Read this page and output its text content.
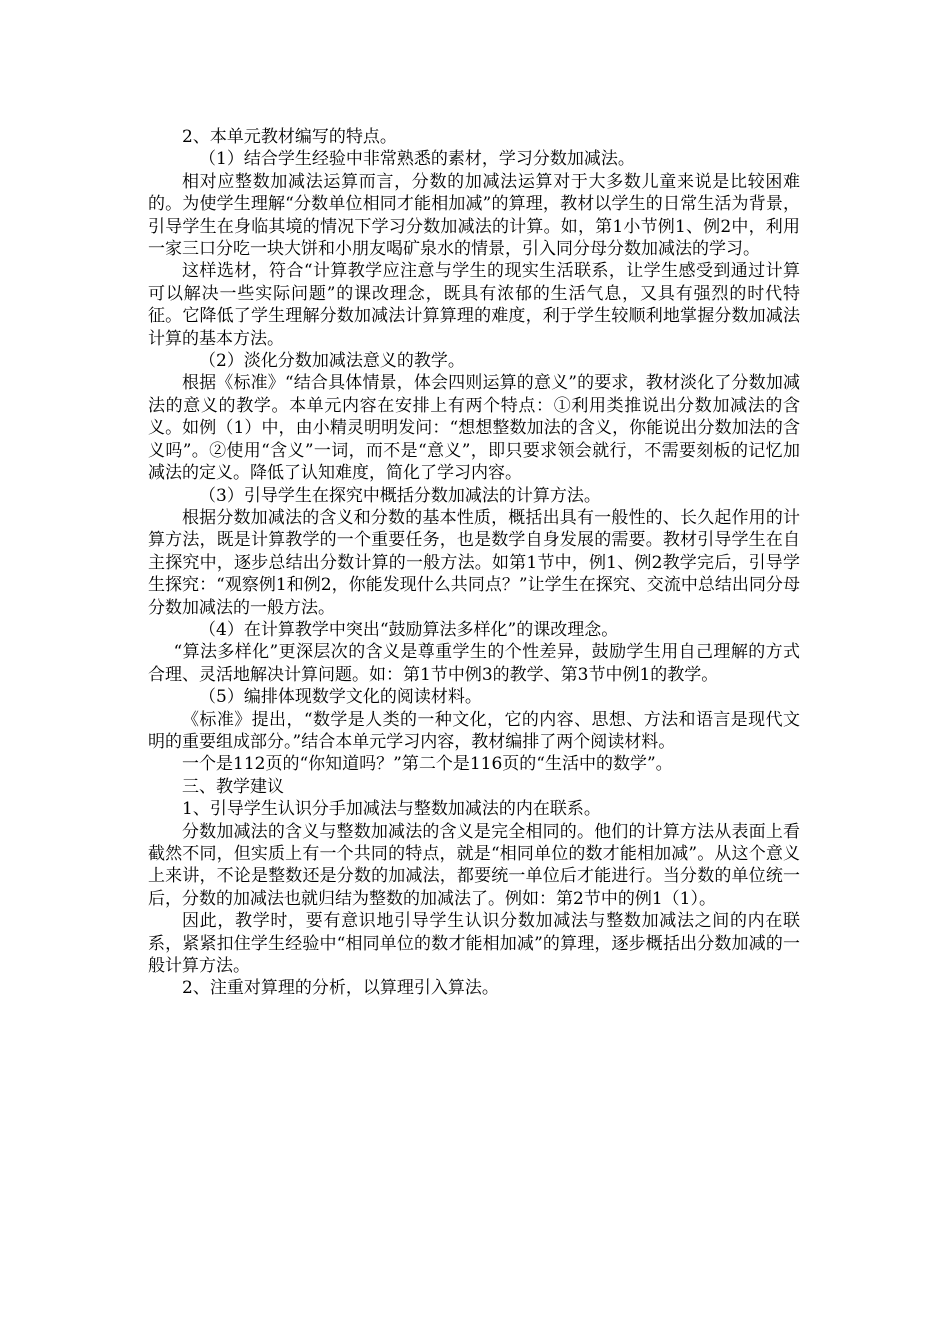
2、本单元教材编写的特点。

（1）结合学生经验中非常熟悉的素材，学习分数加减法。

相对应整数加减法运算而言，分数的加减法运算对于大多数儿童来说是比较困难的。为使学生理解“分数单位相同才能相加减”的算理，教材以学生的日常生活为背景，引导学生在身临其境的情况下学习分数加减法的计算。如，第1小节例1、例2中，利用一家三口分吃一块大饼和小朋友喝矿泉水的情景，引入同分母分数加减法的学习。

这样选材，符合“计算教学应注意与学生的现实生活联系，让学生感受到通过计算可以解决一些实际问题”的课改理念，既具有浓郁的生活气息，又具有强烈的时代特征。它降低了学生理解分数加减法计算算理的难度，利于学生较顺利地掌握分数加减法计算的基本方法。

（2）淡化分数加减法意义的教学。

根据《标准》“结合具体情景，体会四则运算的意义”的要求，教材淡化了分数加减法的意义的教学。本单元内容在安排上有两个特点：①利用类推说出分数加减法的含义。如例（1）中，由小精灵明明发问：“想想整数加法的含义，你能说出分数加法的含义吗”。②使用“含义”一词，而不是“意义”，即只要求领会就行，不需要刻板的记忆加减法的定义。降低了认知难度，简化了学习内容。

（3）引导学生在探究中概括分数加减法的计算方法。

根据分数加减法的含义和分数的基本性质，概括出具有一般性的、长久起作用的计算方法，既是计算教学的一个重要任务，也是数学自身发展的需要。教材引导学生在自主探究中，逐步总结出分数计算的一般方法。如第1节中，例1、例2教学完后，引导学生探究：“观察例1和例2，你能发现什么共同点？”让学生在探究、交流中总结出同分母分数加减法的一般方法。

（4）在计算教学中突出“鼓励算法多样化”的课改理念。

“算法多样化”更深层次的含义是尊重学生的个性差异，鼓励学生用自己理解的方式合理、灵活地解决计算问题。如：第1节中例3的教学、第3节中例1的教学。

（5）编排体现数学文化的阅读材料。

《标准》提出，“数学是人类的一种文化，它的内容、思想、方法和语言是现代文明的重要组成部分。”结合本单元学习内容，教材编排了两个阅读材料。

一个是112页的“你知道吗？”第二个是116页的“生活中的数学”。

三、教学建议

1、引导学生认识分手加减法与整数加减法的内在联系。

分数加减法的含义与整数加减法的含义是完全相同的。他们的计算方法从表面上看截然不同，但实质上有一个共同的特点，就是“相同单位的数才能相加减”。从这个意义上来讲，不论是整数还是分数的加减法，都要统一单位后才能进行。当分数的单位统一后，分数的加减法也就归结为整数的加减法了。例如：第2节中的例1（1）。

因此，教学时，要有意识地引导学生认识分数加减法与整数加减法之间的内在联系，紧紧扣住学生经验中“相同单位的数才能相加减”的算理，逐步概括出分数加减的一般计算方法。

2、注重对算理的分析，以算理引入算法。
